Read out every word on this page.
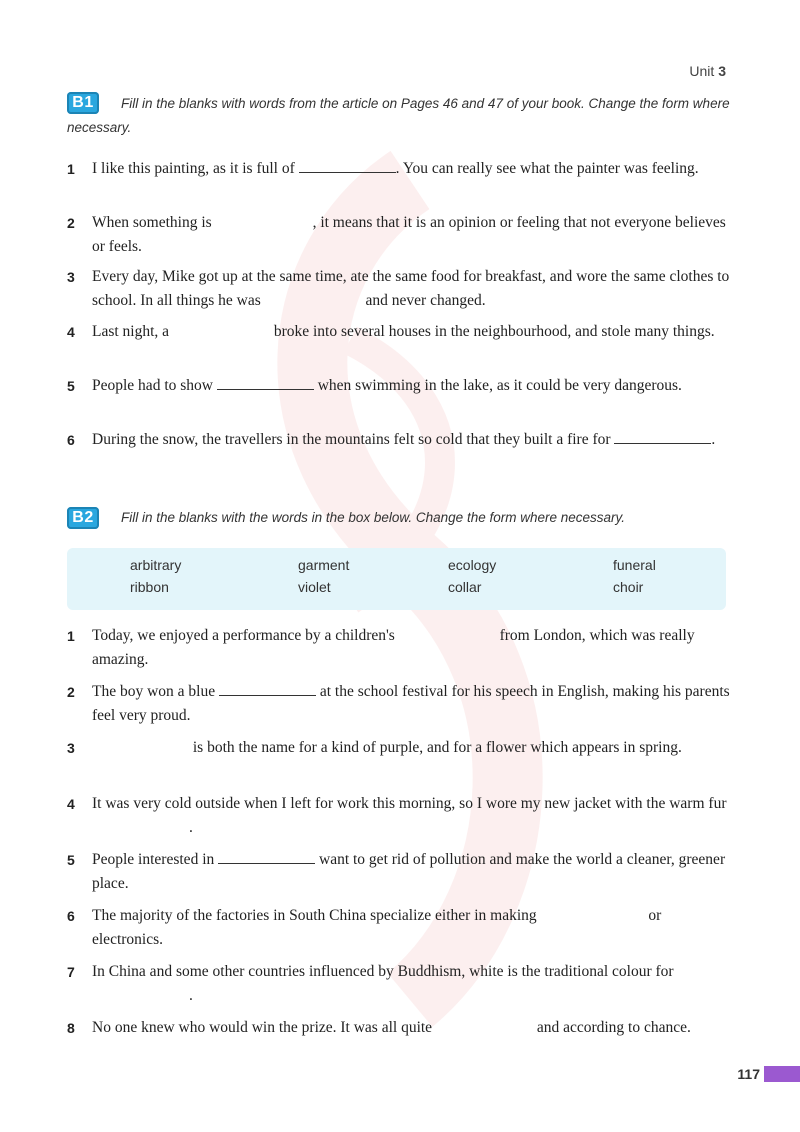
Unit 3
B1	Fill in the blanks with words from the article on Pages 46 and 47 of your book. Change the form where necessary.
1 I like this painting, as it is full of	. You can really see what the painter was feeling.
2 When something is	, it means that it is an opinion or feeling that not everyone believes or feels.
3 Every day, Mike got up at the same time, ate the same food for breakfast, and wore the same clothes to school. In all things he was	and never changed.
4 Last night, a	broke into several houses in the neighbourhood, and stole many things.
5 People had to show	when swimming in the lake, as it could be very dangerous.
6 During the snow, the travellers in the mountains felt so cold that they built a fire for	.
B2	Fill in the blanks with the words in the box below. Change the form where necessary.
arbitrary	garment	ecology	funeral
ribbon	violet	collar	choir
1 Today, we enjoyed a performance by a children's	from London, which was really amazing.
2 The boy won a blue	at the school festival for his speech in English, making his parents feel very proud.
3	is both the name for a kind of purple, and for a flower which appears in spring.
4 It was very cold outside when I left for work this morning, so I wore my new jacket with the warm fur .
5 People interested in	want to get rid of pollution and make the world a cleaner, greener place.
6 The majority of the factories in South China specialize either in making	or electronics.
7 In China and some other countries influenced by Buddhism, white is the traditional colour for .
8 No one knew who would win the prize. It was all quite	and according to chance.
117
